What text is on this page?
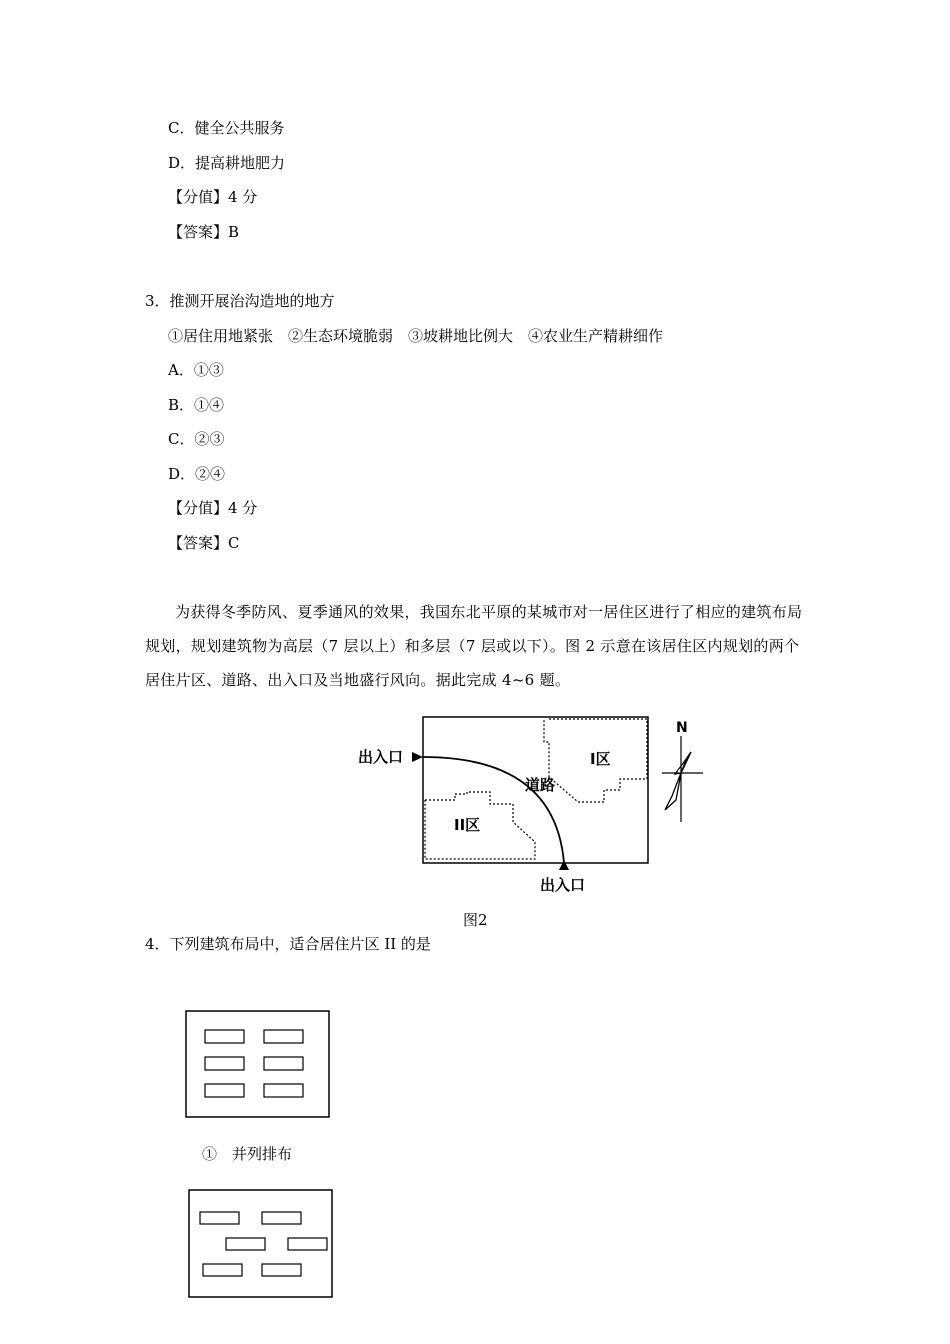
C．健全公共服务
D．提高耕地肥力
【分值】4 分
【答案】B
3．推测开展治沟造地的地方
①居住用地紧张　②生态环境脆弱　③坡耕地比例大　④农业生产精耕细作
A．①③
B．①④
C．②③
D．②④
【分值】4 分
【答案】C
为获得冬季防风、夏季通风的效果，我国东北平原的某城市对一居住区进行了相应的建筑布局规划，规划建筑物为高层（7 层以上）和多层（7 层或以下）。图 2 示意在该居住区内规划的两个居住片区、道路、出入口及当地盛行风向。据此完成 4~6 题。
出入口
出入口
I区
II区
道路
N
图2
4．下列建筑布局中，适合居住片区 II 的是
①　并列排布
